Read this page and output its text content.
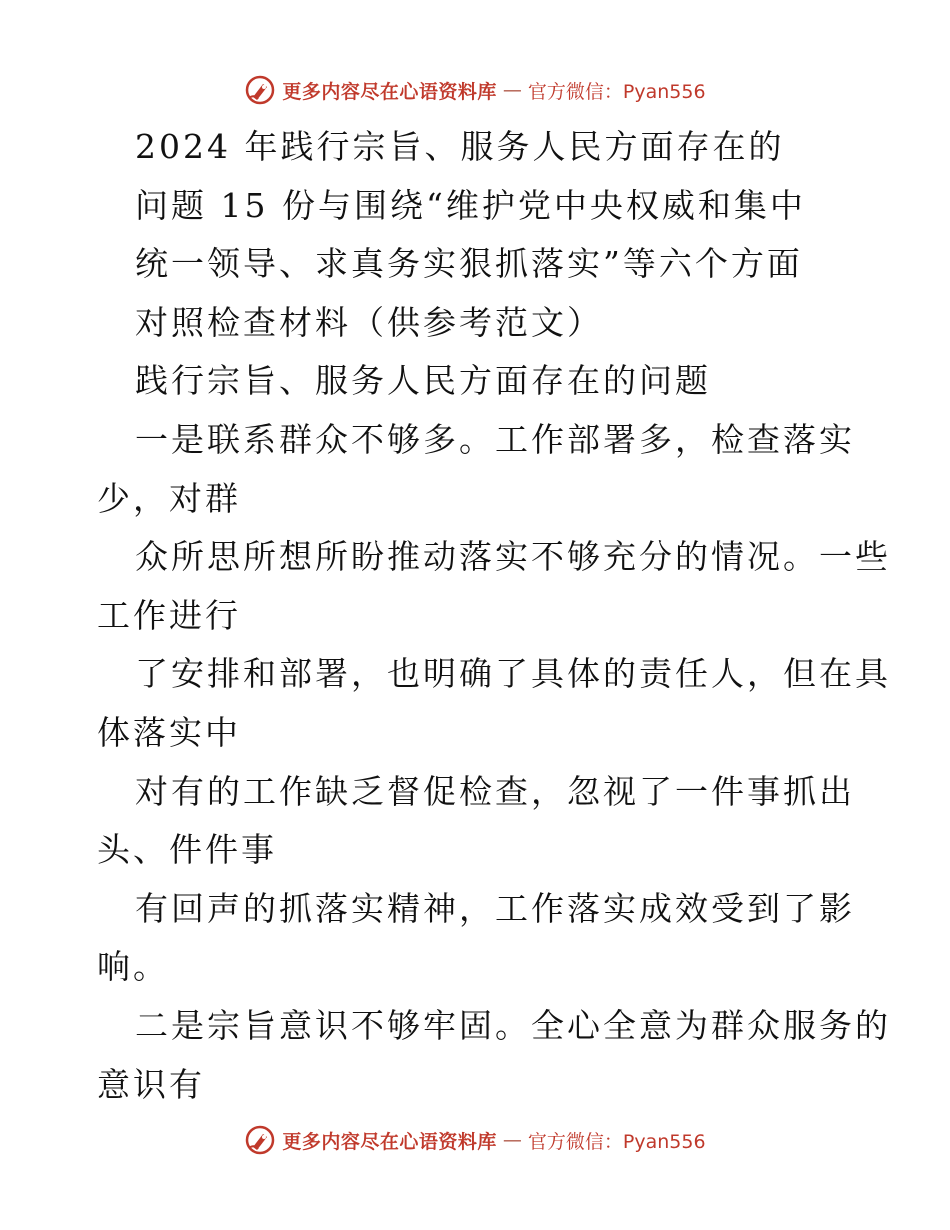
更多内容尽在心语资料库 — 官方微信：Pyan556
2024 年践行宗旨、服务人民方面存在的
问题 15 份与围绕“维护党中央权威和集中
统一领导、求真务实狠抓落实”等六个方面
对照检查材料（供参考范文）
践行宗旨、服务人民方面存在的问题
一是联系群众不够多。工作部署多，检查落实
少，对群
众所思所想所盼推动落实不够充分的情况。一些
工作进行
了安排和部署，也明确了具体的责任人，但在具
体落实中
对有的工作缺乏督促检查，忽视了一件事抓出
头、件件事
有回声的抓落实精神，工作落实成效受到了影
响。
二是宗旨意识不够牢固。全心全意为群众服务的
意识有
更多内容尽在心语资料库 — 官方微信：Pyan556
